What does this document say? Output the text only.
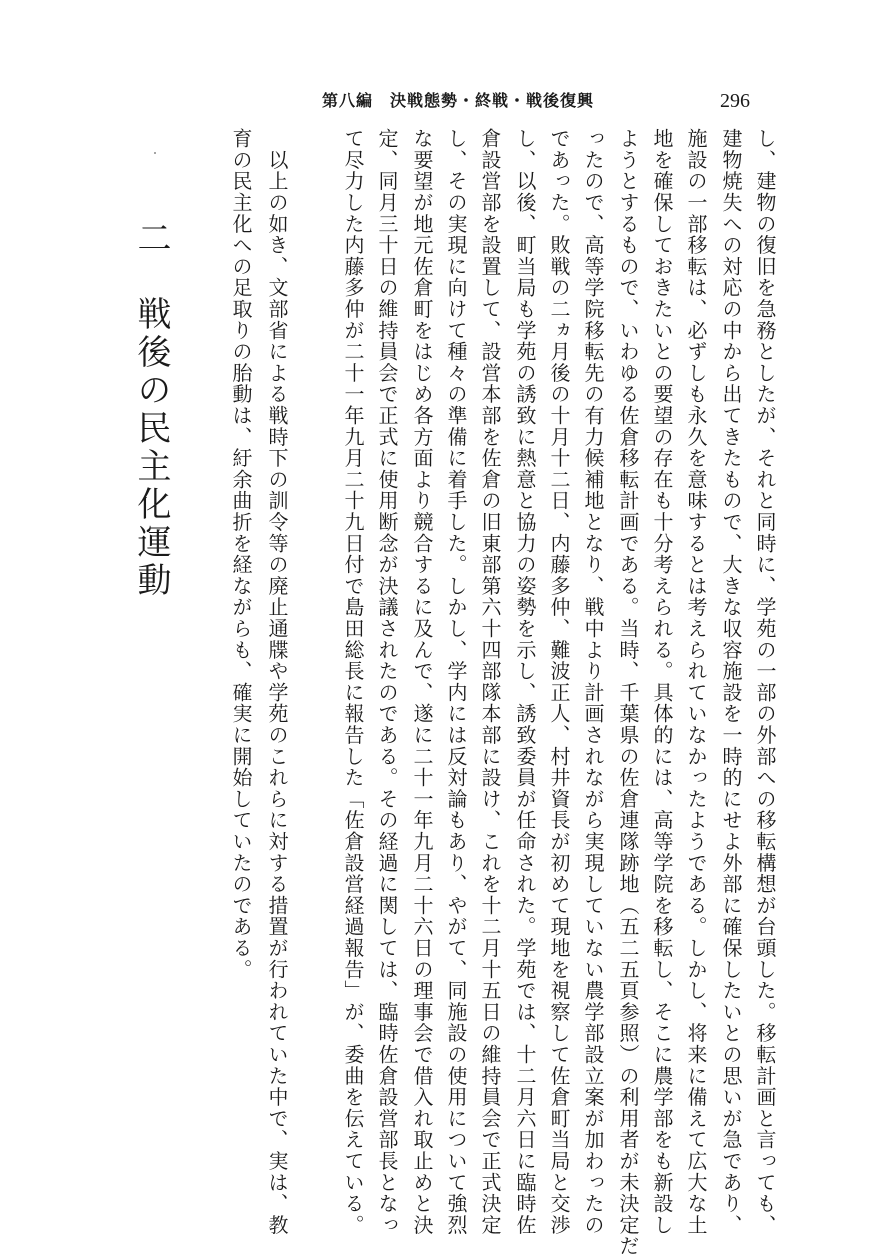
第八編　決戦態勢・終戦・戦後復興	296
し、建物の復旧を急務としたが、それと同時に、学苑の一部の外部への移転構想が台頭した。移転計画と言っても、
建物焼失への対応の中から出てきたもので、大きな収容施設を一時的にせよ外部に確保したいとの思いが急であり、
施設の一部移転は、必ずしも永久を意味するとは考えられていなかったようである。しかし、将来に備えて広大な土
地を確保しておきたいとの要望の存在も十分考えられる。具体的には、高等学院を移転し、そこに農学部をも新設し
ようとするもので、いわゆる佐倉移転計画である。当時、千葉県の佐倉連隊跡地（五二五頁参照）の利用者が未決定だ
ったので、高等学院移転先の有力候補地となり、戦中より計画されながら実現していない農学部設立案が加わったの
であった。敗戦の二ヵ月後の十月十二日、内藤多仲、難波正人、村井資長が初めて現地を視察して佐倉町当局と交渉
し、以後、町当局も学苑の誘致に熱意と協力の姿勢を示し、誘致委員が任命された。学苑では、十二月六日に臨時佐
倉設営部を設置して、設営本部を佐倉の旧東部第六十四部隊本部に設け、これを十二月十五日の維持員会で正式決定
し、その実現に向けて種々の準備に着手した。しかし、学内には反対論もあり、やがて、同施設の使用について強烈
な要望が地元佐倉町をはじめ各方面より競合するに及んで、遂に二十一年九月二十六日の理事会で借入れ取止めと決
定、同月三十日の維持員会で正式に使用断念が決議されたのである。その経過に関しては、臨時佐倉設営部長となっ
て尽力した内藤多仲が二十一年九月二十九日付で島田総長に報告した「佐倉設営経過報告」が、委曲を伝えている。
　以上の如き、文部省による戦時下の訓令等の廃止通牒や学苑のこれらに対する措置が行われていた中で、実は、教
育の民主化への足取りの胎動は、紆余曲折を経ながらも、確実に開始していたのである。
二　戦後の民主化運動
